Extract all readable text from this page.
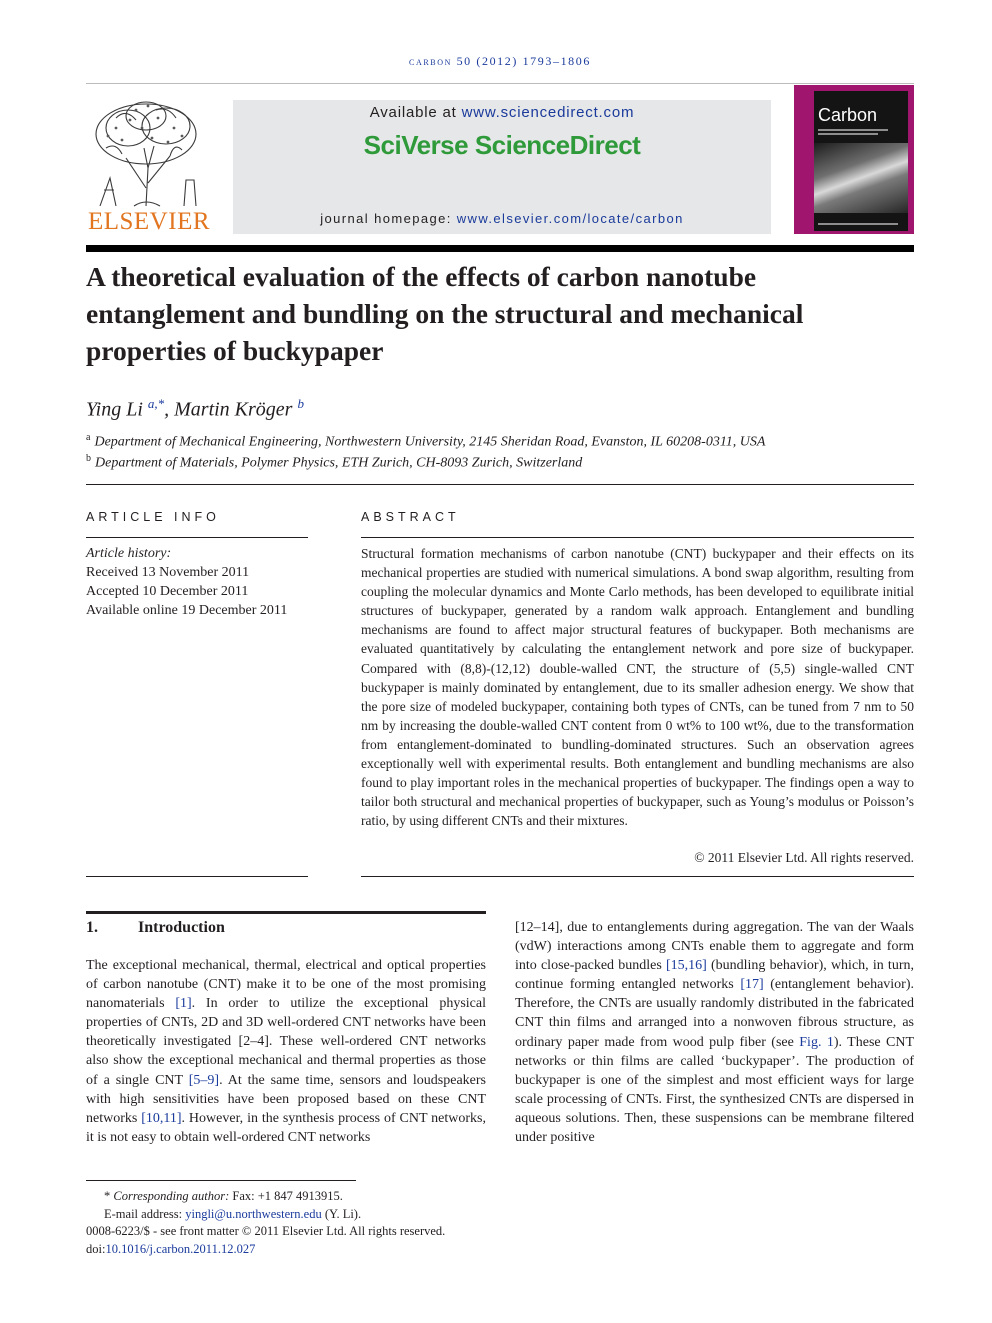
carbon 50 (2012) 1793–1806
ELSEVIER
Available at www.sciencedirect.com
SciVerse ScienceDirect
journal homepage: www.elsevier.com/locate/carbon
Carbon
A theoretical evaluation of the effects of carbon nanotube entanglement and bundling on the structural and mechanical properties of buckypaper
Ying Li $^{a,*}$, Martin Kröger $^b$
$^a$ Department of Mechanical Engineering, Northwestern University, 2145 Sheridan Road, Evanston, IL 60208-0311, USA
$^b$ Department of Materials, Polymer Physics, ETH Zurich, CH-8093 Zurich, Switzerland
ARTICLE INFO
Article history:
Received 13 November 2011
Accepted 10 December 2011
Available online 19 December 2011
ABSTRACT
Structural formation mechanisms of carbon nanotube (CNT) buckypaper and their effects on its mechanical properties are studied with numerical simulations. A bond swap algorithm, resulting from coupling the molecular dynamics and Monte Carlo methods, has been developed to equilibrate initial structures of buckypaper, generated by a random walk approach. Entanglement and bundling mechanisms are found to affect major structural features of buckypaper. Both mechanisms are evaluated quantitatively by calculating the entanglement network and pore size of buckypaper. Compared with (8,8)-(12,12) double-walled CNT, the structure of (5,5) single-walled CNT buckypaper is mainly dominated by entanglement, due to its smaller adhesion energy. We show that the pore size of modeled buckypaper, containing both types of CNTs, can be tuned from 7 nm to 50 nm by increasing the double-walled CNT content from 0 wt% to 100 wt%, due to the transformation from entanglement-dominated to bundling-dominated structures. Such an observation agrees exceptionally well with experimental results. Both entanglement and bundling mechanisms are also found to play important roles in the mechanical properties of buckypaper. The findings open a way to tailor both structural and mechanical properties of buckypaper, such as Young’s modulus or Poisson’s ratio, by using different CNTs and their mixtures.
© 2011 Elsevier Ltd. All rights reserved.
1.	Introduction
The exceptional mechanical, thermal, electrical and optical properties of carbon nanotube (CNT) make it to be one of the most promising nanomaterials [1]. In order to utilize the exceptional physical properties of CNTs, 2D and 3D well-ordered CNT networks have been theoretically investigated [2–4]. These well-ordered CNT networks also show the exceptional mechanical and thermal properties as those of a single CNT [5–9]. At the same time, sensors and loudspeakers with high sensitivities have been proposed based on these CNT networks [10,11]. However, in the synthesis process of CNT networks, it is not easy to obtain well-ordered CNT networks
[12–14], due to entanglements during aggregation. The van der Waals (vdW) interactions among CNTs enable them to aggregate and form into close-packed bundles [15,16] (bundling behavior), which, in turn, continue forming entangled networks [17] (entanglement behavior). Therefore, the CNTs are usually randomly distributed in the fabricated CNT thin films and arranged into a nonwoven fibrous structure, as ordinary paper made from wood pulp fiber (see Fig. 1). These CNT networks or thin films are called ‘buckypaper’. The production of buckypaper is one of the simplest and most efficient ways for large scale processing of CNTs. First, the synthesized CNTs are dispersed in aqueous solutions. Then, these suspensions can be membrane filtered under positive
* Corresponding author: Fax: +1 847 4913915.
E-mail address: yingli@u.northwestern.edu (Y. Li).
0008-6223/$ - see front matter © 2011 Elsevier Ltd. All rights reserved.
doi:10.1016/j.carbon.2011.12.027
